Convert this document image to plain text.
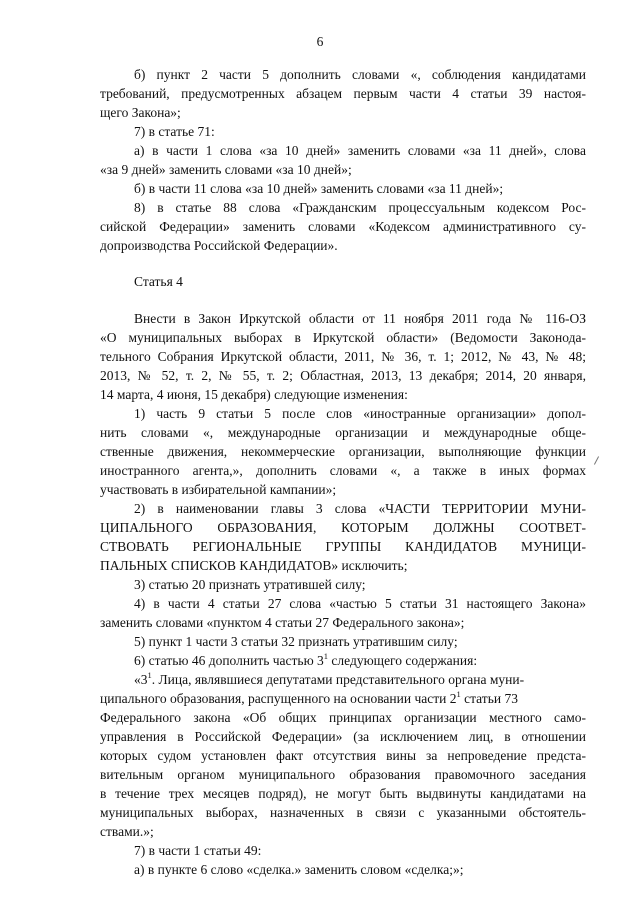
6
б) пункт 2 части 5 дополнить словами «, соблюдения кандидатами
требований, предусмотренных абзацем первым части 4 статьи 39 настоя-
щего Закона»;
7) в статье 71:
а) в части 1 слова «за 10 дней» заменить словами «за 11 дней», слова
«за 9 дней» заменить словами «за 10 дней»;
б) в части 11 слова «за 10 дней» заменить словами «за 11 дней»;
8) в статье 88 слова «Гражданским процессуальным кодексом Рос-
сийской Федерации» заменить словами «Кодексом административного су-
допроизводства Российской Федерации».
Статья 4
Внести в Закон Иркутской области от 11 ноября 2011 года № 116-ОЗ
«О муниципальных выборах в Иркутской области» (Ведомости Законода-
тельного Собрания Иркутской области, 2011, № 36, т. 1; 2012, № 43, № 48;
2013, № 52, т. 2, № 55, т. 2; Областная, 2013, 13 декабря; 2014, 20 января,
14 марта, 4 июня, 15 декабря) следующие изменения:
1) часть 9 статьи 5 после слов «иностранные организации» допол-
нить словами «, международные организации и международные обще-
ственные движения, некоммерческие организации, выполняющие функции
иностранного агента,», дополнить словами «, а также в иных формах
участвовать в избирательной кампании»;
2) в наименовании главы 3 слова «ЧАСТИ ТЕРРИТОРИИ МУНИ-
ЦИПАЛЬНОГО ОБРАЗОВАНИЯ, КОТОРЫМ ДОЛЖНЫ СООТВЕТ-
СТВОВАТЬ РЕГИОНАЛЬНЫЕ ГРУППЫ КАНДИДАТОВ МУНИЦИ-
ПАЛЬНЫХ СПИСКОВ КАНДИДАТОВ» исключить;
3) статью 20 признать утратившей силу;
4) в части 4 статьи 27 слова «частью 5 статьи 31 настоящего Закона»
заменить словами «пунктом 4 статьи 27 Федерального закона»;
5) пункт 1 части 3 статьи 32 признать утратившим силу;
6) статью 46 дополнить частью $3^1$ следующего содержания:
«$3^1$. Лица, являвшиеся депутатами представительного органа муни-
ципального образования, распущенного на основании части $2^1$ статьи 73
Федерального закона «Об общих принципах организации местного само-
управления в Российской Федерации» (за исключением лиц, в отношении
которых судом установлен факт отсутствия вины за непроведение предста-
вительным органом муниципального образования правомочного заседания
в течение трех месяцев подряд), не могут быть выдвинуты кандидатами на
муниципальных выборах, назначенных в связи с указанными обстоятель-
ствами.»;
7) в части 1 статьи 49:
а) в пункте 6 слово «сделка.» заменить словом «сделка;»;
